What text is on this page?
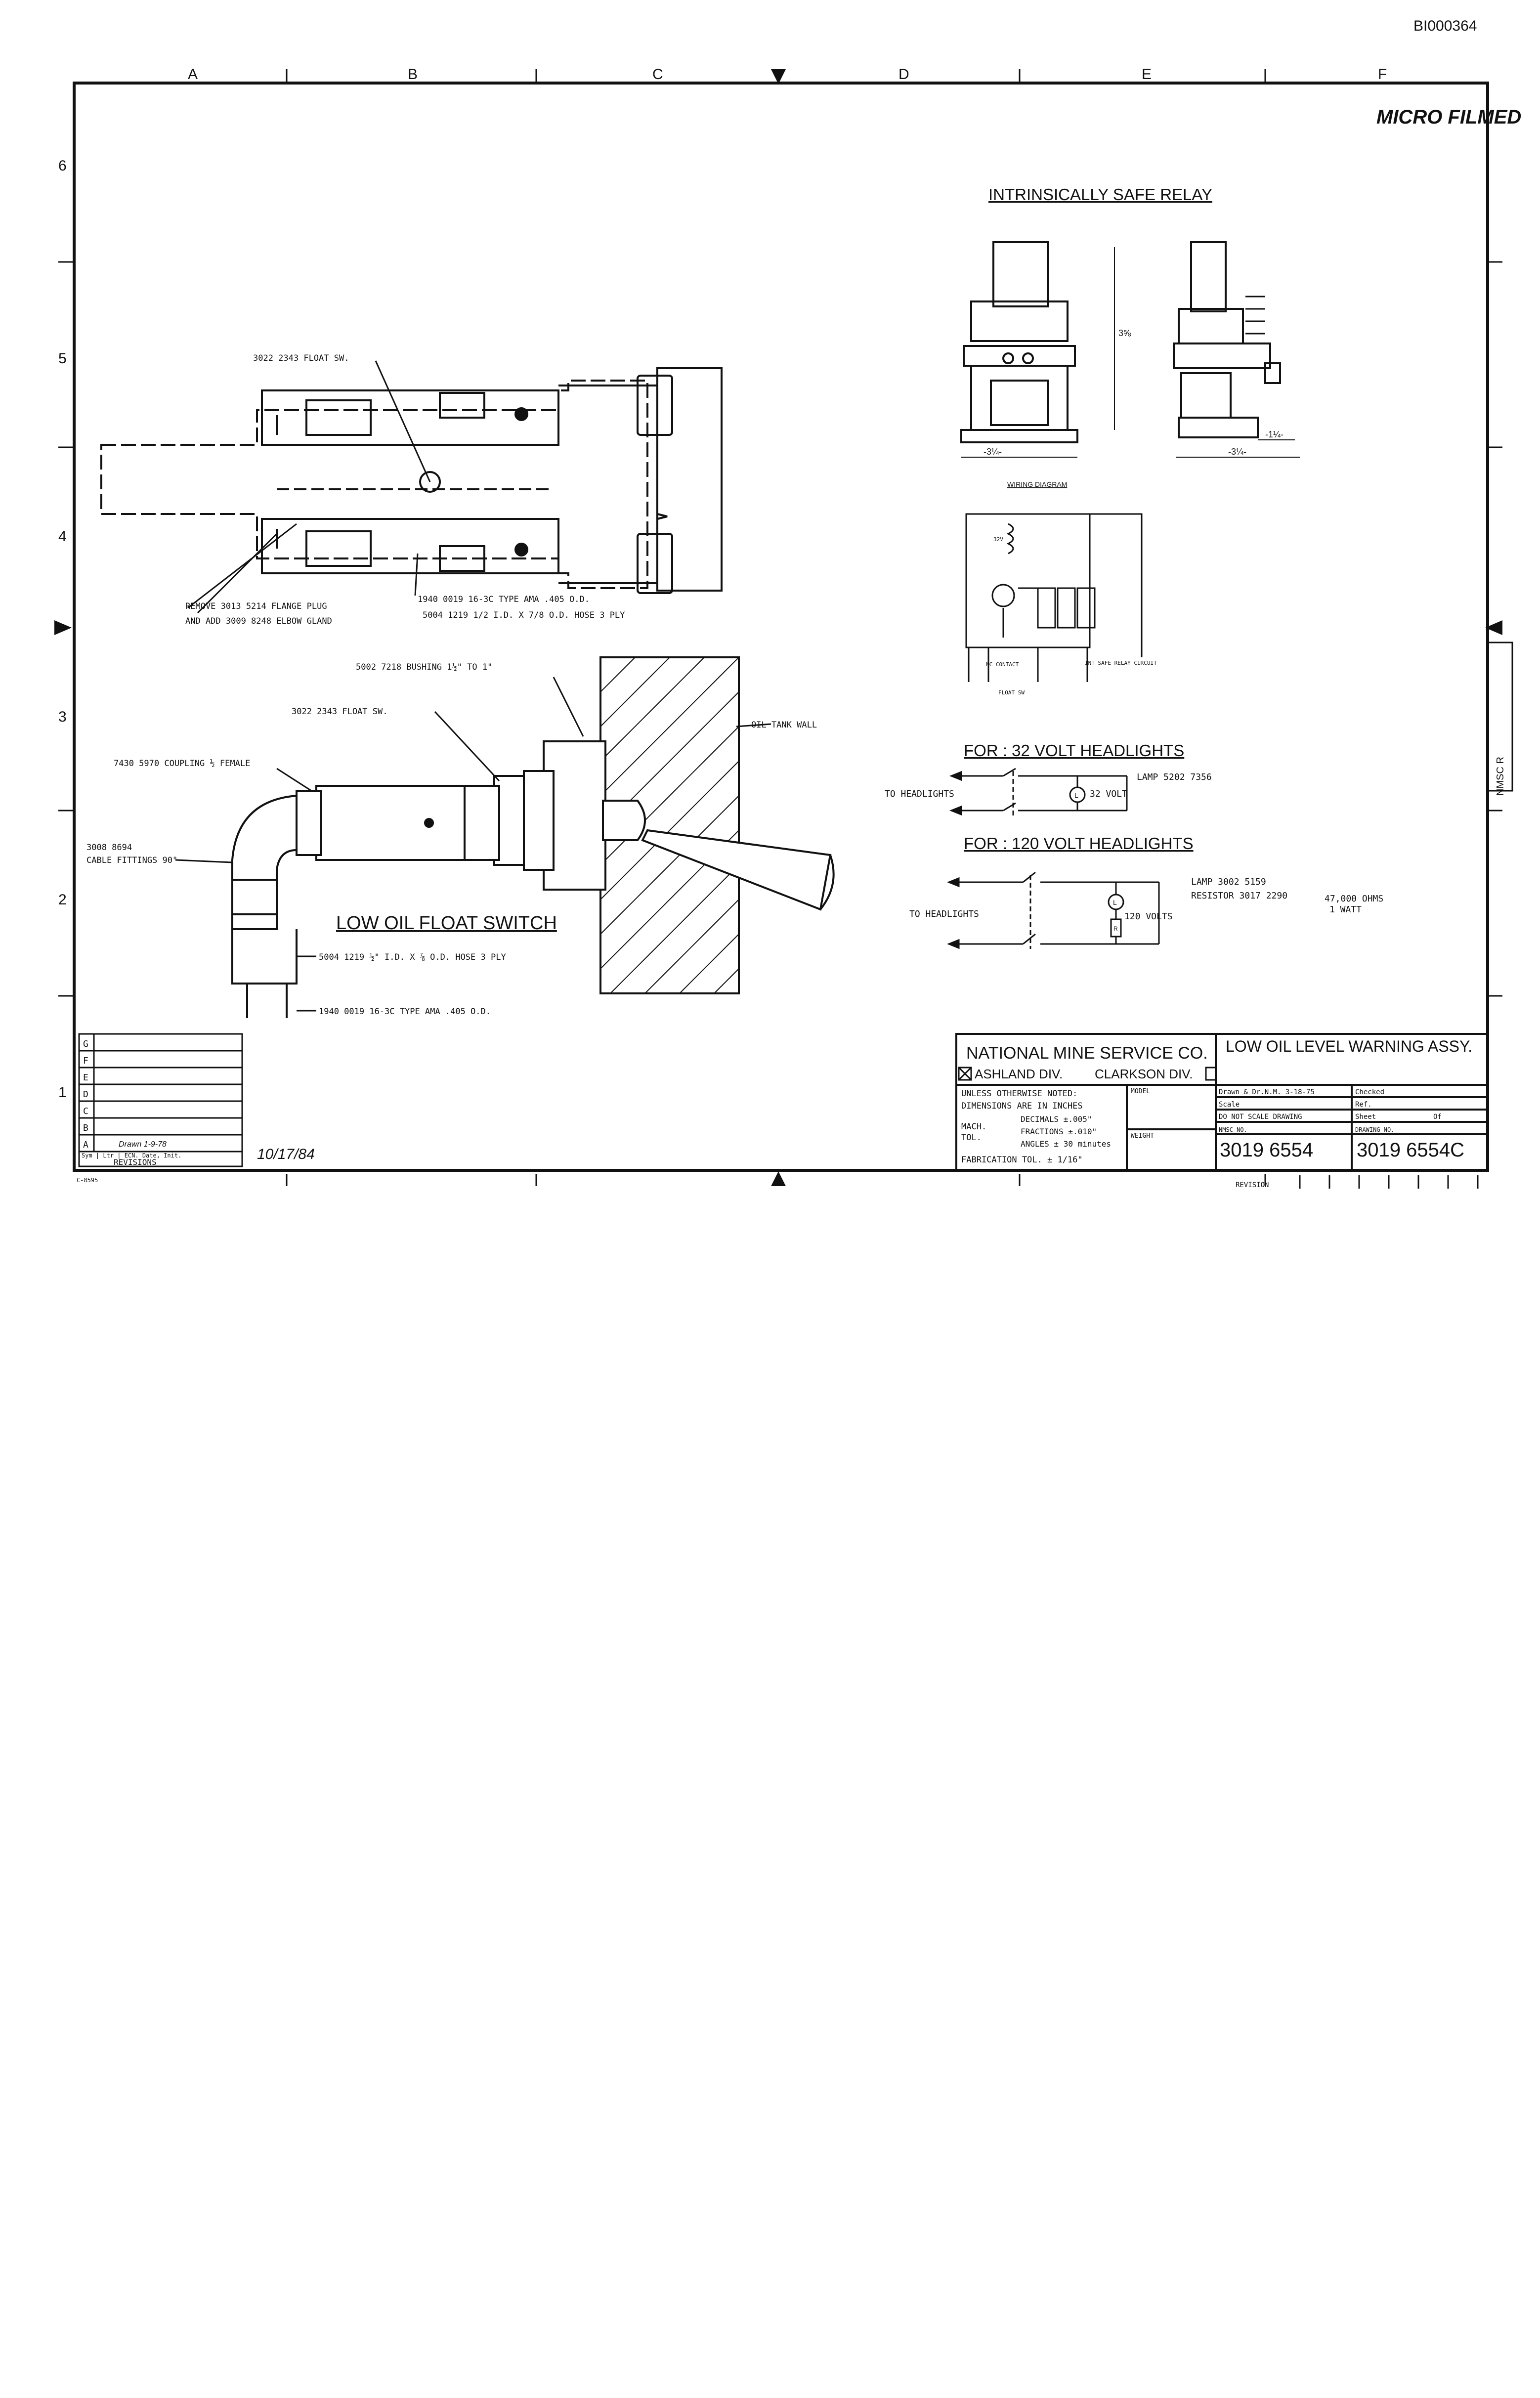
BI000364
A	B	C	D	E	F
6
5
4
3
2
1
MICRO FILMED
NMSC R
3022 2343 FLOAT SW.
REMOVE 3013 5214 FLANGE PLUG
AND ADD 3009 8248 ELBOW GLAND
1940 0019 16-3C TYPE AMA .405 O.D.
5004 1219 1/2 I.D. X 7/8 O.D. HOSE 3 PLY
LOW OIL FLOAT SWITCH
5002 7218 BUSHING 1½" TO 1"
3022 2343 FLOAT SW.
7430 5970 COUPLING ½ FEMALE
3008 8694
CABLE FITTINGS 90°
OIL TANK WALL
5004 1219 ½" I.D. X ⅞ O.D. HOSE 3 PLY
1940 0019 16-3C TYPE AMA .405 O.D.
INTRINSICALLY SAFE RELAY
-3¼-
3⅝
-3¼-
-1¼-
WIRING DIAGRAM
32V
NC CONTACT	INT SAFE RELAY CIRCUIT
FLOAT SW
FOR : 32 VOLT HEADLIGHTS
TO HEADLIGHTS
LAMP 5202 7356
32 VOLT
L
FOR : 120 VOLT HEADLIGHTS
TO HEADLIGHTS
LAMP 3002 5159
RESISTOR 3017 2290	47,000 OHMS
1 WATT
120 VOLTS
L
R
G
F
E
D
C
B
A	Drawn 1-9-78
Sym | Ltr | ECN. Date, Init.
REVISIONS	10/17/84
C-8595
NATIONAL MINE SERVICE CO.
ASHLAND DIV. CLARKSON DIV.
LOW OIL LEVEL WARNING ASSY.
UNLESS OTHERWISE NOTED:
DIMENSIONS ARE IN INCHES
MACH.
TOL.
DECIMALS ±.005"
FRACTIONS ±.010"
ANGLES ± 30 minutes
FABRICATION TOL. ± 1/16"
MODEL
WEIGHT
Drawn & Dr.N.M. 3-18-75	Checked
Scale	Ref.
DO NOT SCALE DRAWING	Sheet	Of
NMSC NO.	DRAWING NO.
3019 6554 3019 6554C
REVISION
